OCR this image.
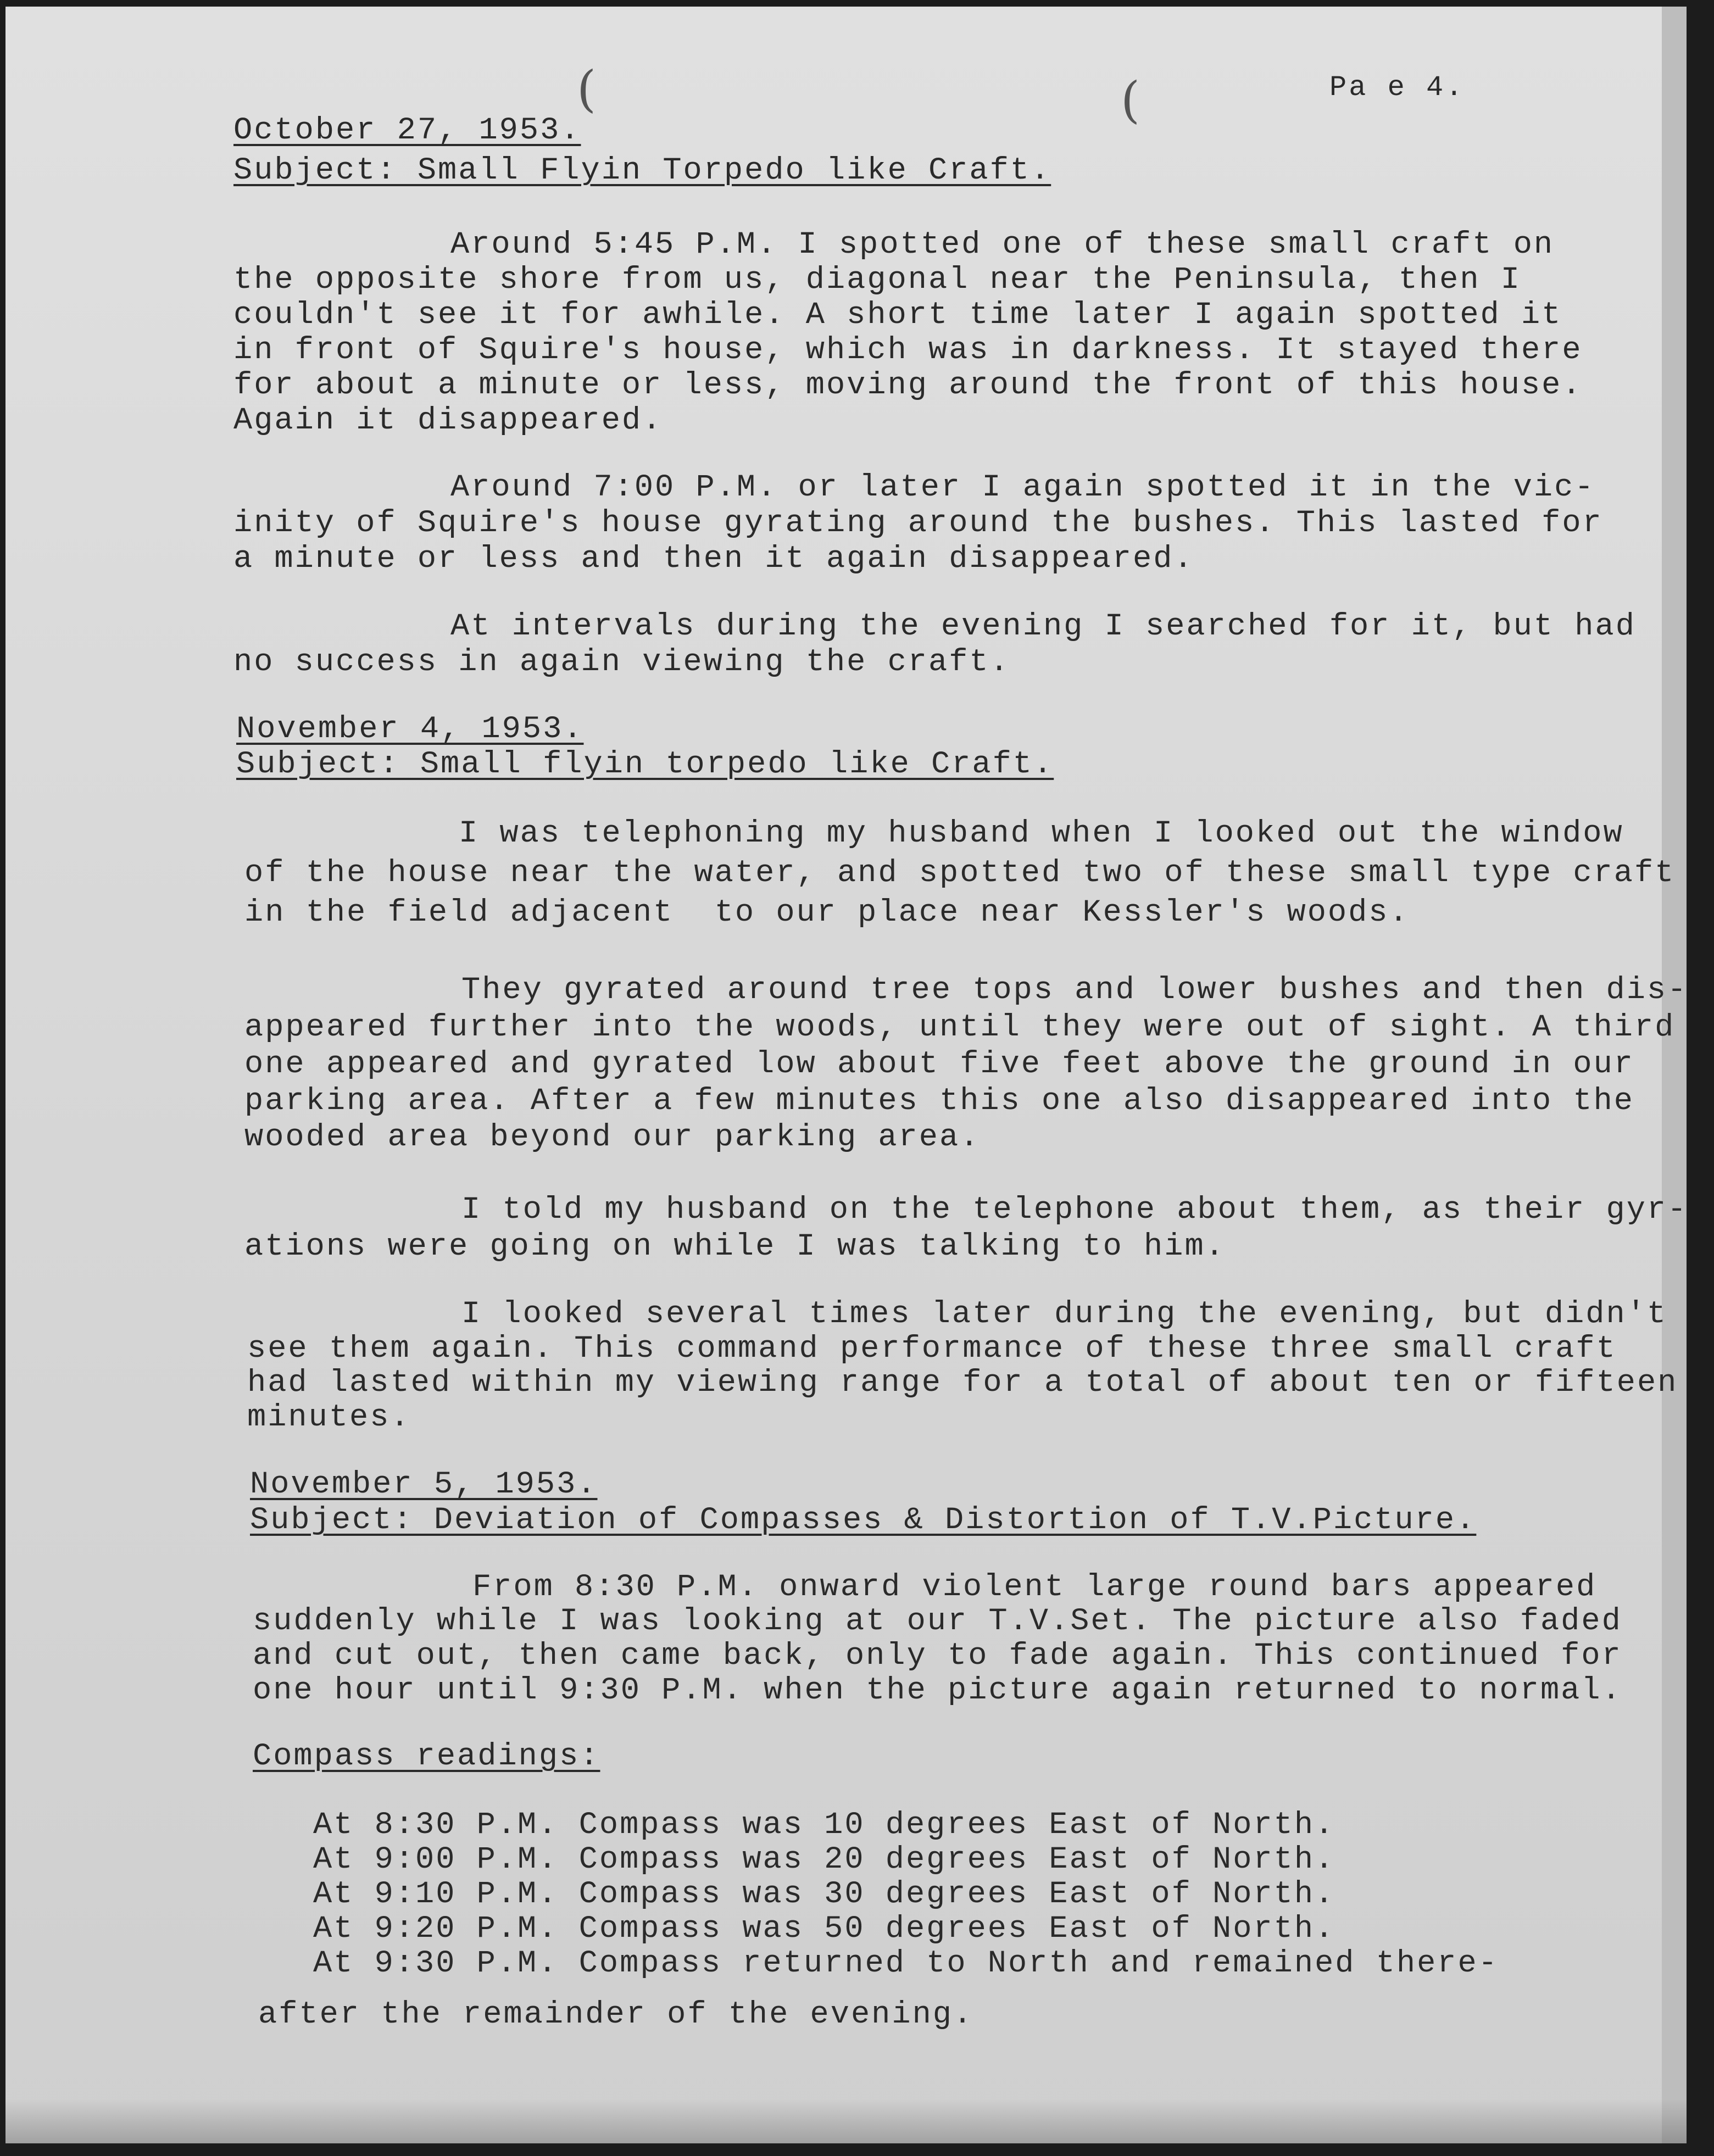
(	(	Pa e 4.
October 27, 1953.
Subject: Small Flyin Torpedo like Craft.
Around 5:45 P.M. I spotted one of these small craft on
the opposite shore from us, diagonal near the Peninsula, then I
couldn't see it for awhile. A short time later I again spotted it
in front of Squire's house, which was in darkness. It stayed there
for about a minute or less, moving around the front of this house.
Again it disappeared.
Around 7:00 P.M. or later I again spotted it in the vic-
inity of Squire's house gyrating around the bushes. This lasted for
a minute or less and then it again disappeared.
At intervals during the evening I searched for it, but had
no success in again viewing the craft.
November 4, 1953.
Subject: Small flyin torpedo like Craft.
I was telephoning my husband when I looked out the window
of the house near the water, and spotted two of these small type craft
in the field adjacent  to our place near Kessler's woods.
They gyrated around tree tops and lower bushes and then dis-
appeared further into the woods, until they were out of sight. A third
one appeared and gyrated low about five feet above the ground in our
parking area. After a few minutes this one also disappeared into the
wooded area beyond our parking area.
I told my husband on the telephone about them, as their gyr-
ations were going on while I was talking to him.
I looked several times later during the evening, but didn't
see them again. This command performance of these three small craft
had lasted within my viewing range for a total of about ten or fifteen
minutes.
November 5, 1953.
Subject: Deviation of Compasses & Distortion of T.V.Picture.
From 8:30 P.M. onward violent large round bars appeared
suddenly while I was looking at our T.V.Set. The picture also faded
and cut out, then came back, only to fade again. This continued for
one hour until 9:30 P.M. when the picture again returned to normal.
Compass readings:
At 8:30 P.M. Compass was 10 degrees East of North.
At 9:00 P.M. Compass was 20 degrees East of North.
At 9:10 P.M. Compass was 30 degrees East of North.
At 9:20 P.M. Compass was 50 degrees East of North.
At 9:30 P.M. Compass returned to North and remained there-
after the remainder of the evening.
